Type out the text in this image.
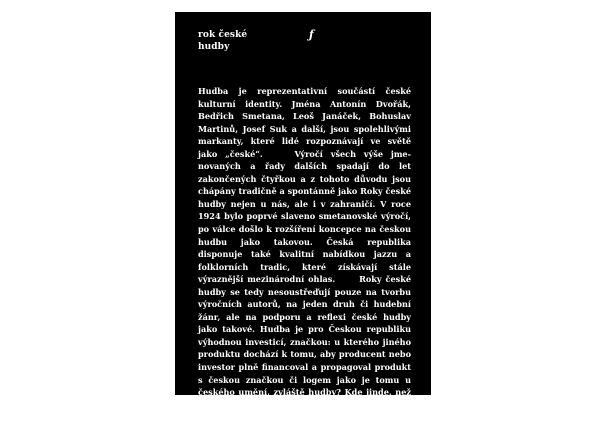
rok české
hudby
ƒ

Hudba je reprezentativní součástí české kulturní identity. Jména Antonín Dvořák, Bedřich Smetana, Leoš Janáček, Bohuslav Martinů, Josef Suk a další, jsou spolehlivými markanty, které lidé rozpoznávají ve světě jako „české“.

	Výročí všech výše jmenovaných a řady dalších spadají do let zakončených čtyřkou a z tohoto důvodu jsou chápány tradičně a spontánně jako Roky české hudby nejen u nás, ale i v zahraničí. V roce 1924 bylo poprvé slaveno smetanovské výročí, po válce došlo k rozšíření koncepce na českou hudbu jako takovou. Česká republika disponuje také kvalitní nabídkou jazzu a folklorních tradic, které získávají stále výraznější mezinárodní ohlas.

	Roky české hudby se tedy nesoustřeďují pouze na tvorbu výročních autorů, na jeden druh či hudební žánr, ale na podporu a reflexi české hudby jako takové. Hudba je pro Českou republiku výhodnou investicí, značkou: u kterého jiného produktu dochází k tomu, aby producent nebo investor plně financoval a propagoval produkt s českou značkou či logem jako je tomu u českého umění, zvláště hudby? Kde jinde, než v umění ještě můžeme smysluplně hovořit o tom, že je „české“?
